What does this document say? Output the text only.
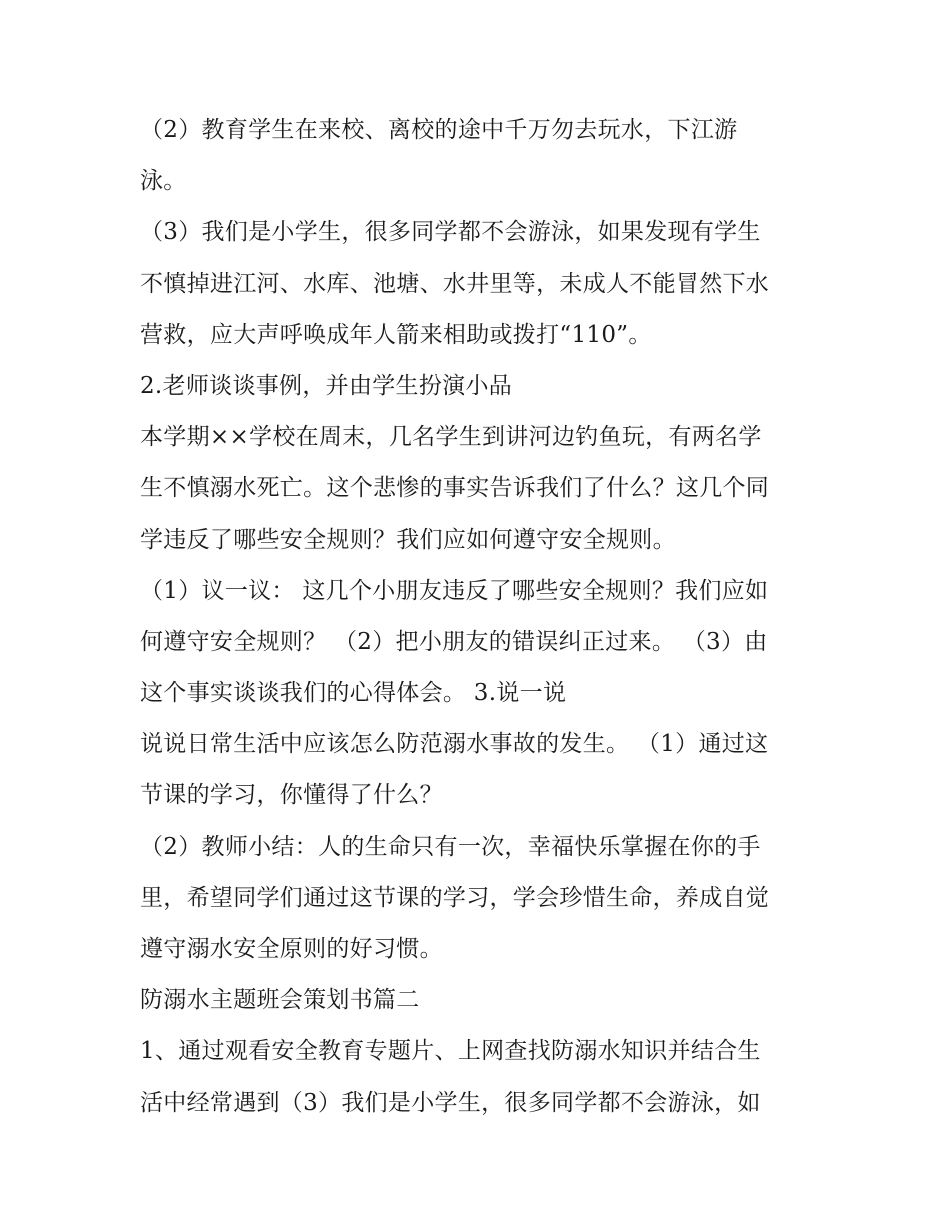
（2）教育学生在来校、离校的途中千万勿去玩水，下江游
泳。
（3）我们是小学生，很多同学都不会游泳，如果发现有学生
不慎掉进江河、水库、池塘、水井里等，未成人不能冒然下水
营救，应大声呼唤成年人箭来相助或拨打“110”。
2.老师谈谈事例，并由学生扮演小品
本学期××学校在周末，几名学生到讲河边钓鱼玩，有两名学
生不慎溺水死亡。这个悲惨的事实告诉我们了什么？这几个同
学违反了哪些安全规则？我们应如何遵守安全规则。
（1）议一议： 这几个小朋友违反了哪些安全规则？我们应如
何遵守安全规则？ （2）把小朋友的错误纠正过来。 （3）由
这个事实谈谈我们的心得体会。 3.说一说
说说日常生活中应该怎么防范溺水事故的发生。 （1）通过这
节课的学习，你懂得了什么？
（2）教师小结：人的生命只有一次，幸福快乐掌握在你的手
里，希望同学们通过这节课的学习，学会珍惜生命，养成自觉
遵守溺水安全原则的好习惯。
防溺水主题班会策划书篇二
1、通过观看安全教育专题片、上网查找防溺水知识并结合生
活中经常遇到（3）我们是小学生，很多同学都不会游泳，如
